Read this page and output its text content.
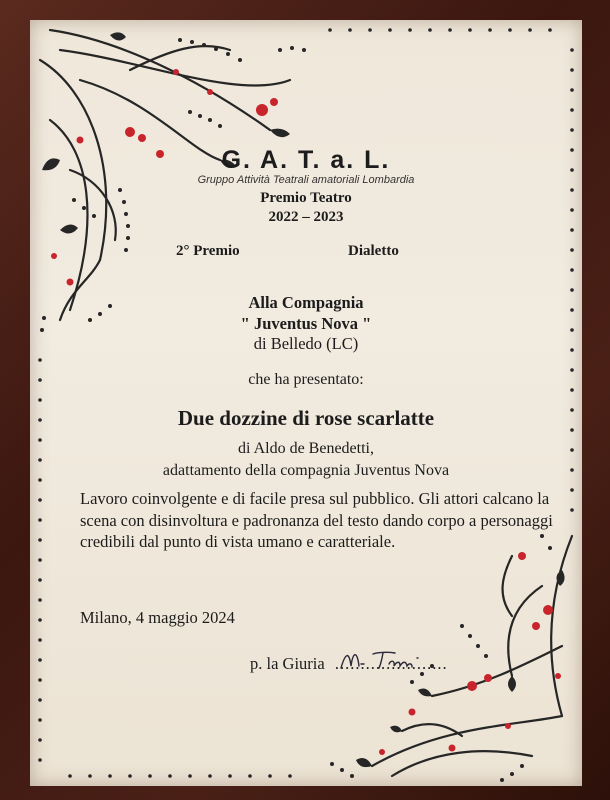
G. A. T. a. L.
Gruppo Attività Teatrali amatoriali Lombardia
Premio Teatro
2022 – 2023
2° Premio	Dialetto
Alla Compagnia
" Juventus Nova "
di Belledo (LC)
che ha presentato:
Due dozzine di rose scarlatte
di Aldo de Benedetti,
adattamento della compagnia Juventus Nova
Lavoro coinvolgente e di facile presa sul pubblico. Gli attori calcano la scena con disinvoltura e padronanza del testo dando corpo a personaggi credibili dal punto di vista umano e caratteriale.
Milano, 4 maggio 2024
p. la Giuria ......................
